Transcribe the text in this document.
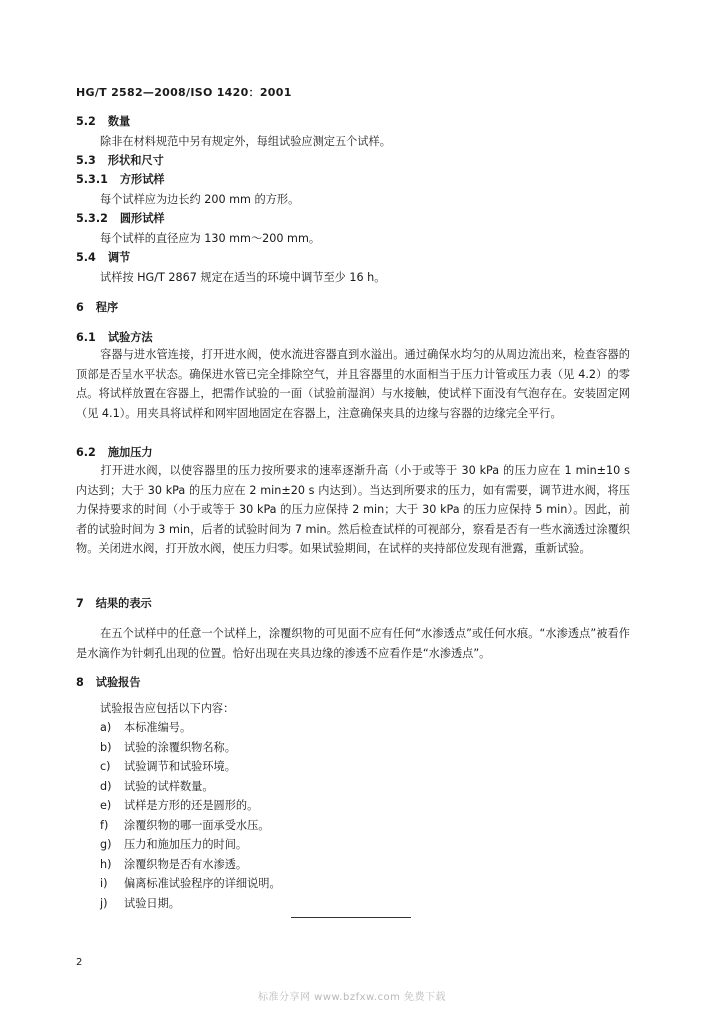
HG/T 2582—2008/ISO 1420：2001
5.2 数量
除非在材料规范中另有规定外，每组试验应测定五个试样。
5.3 形状和尺寸
5.3.1 方形试样
每个试样应为边长约 200 mm 的方形。
5.3.2 圆形试样
每个试样的直径应为 130 mm～200 mm。
5.4 调节
试样按 HG/T 2867 规定在适当的环境中调节至少 16 h。
6 程序
6.1 试验方法
容器与进水管连接，打开进水阀，使水流进容器直到水溢出。通过确保水均匀的从周边流出来，检查容器的顶部是否呈水平状态。确保进水管已完全排除空气，并且容器里的水面相当于压力计管或压力表（见 4.2）的零点。将试样放置在容器上，把需作试验的一面（试验前湿润）与水接触，使试样下面没有气泡存在。安装固定网（见 4.1）。用夹具将试样和网牢固地固定在容器上，注意确保夹具的边缘与容器的边缘完全平行。
6.2 施加压力
打开进水阀，以使容器里的压力按所要求的速率逐渐升高（小于或等于 30 kPa 的压力应在 1 min±10 s 内达到；大于 30 kPa 的压力应在 2 min±20 s 内达到）。当达到所要求的压力，如有需要，调节进水阀，将压力保持要求的时间（小于或等于 30 kPa 的压力应保持 2 min；大于 30 kPa 的压力应保持 5 min）。因此，前者的试验时间为 3 min，后者的试验时间为 7 min。然后检查试样的可视部分，察看是否有一些水滴透过涂覆织物。关闭进水阀，打开放水阀，使压力归零。如果试验期间，在试样的夹持部位发现有泄露，重新试验。
7 结果的表示
在五个试样中的任意一个试样上，涂覆织物的可见面不应有任何“水渗透点”或任何水痕。“水渗透点”被看作是水滴作为针刺孔出现的位置。恰好出现在夹具边缘的渗透不应看作是“水渗透点”。
8 试验报告
试验报告应包括以下内容：
a) 本标准编号。
b) 试验的涂覆织物名称。
c) 试验调节和试验环境。
d) 试验的试样数量。
e) 试样是方形的还是圆形的。
f) 涂覆织物的哪一面承受水压。
g) 压力和施加压力的时间。
h) 涂覆织物是否有水渗透。
i) 偏离标准试验程序的详细说明。
j) 试验日期。
2
标准分享网 www.bzfxw.com 免费下载
